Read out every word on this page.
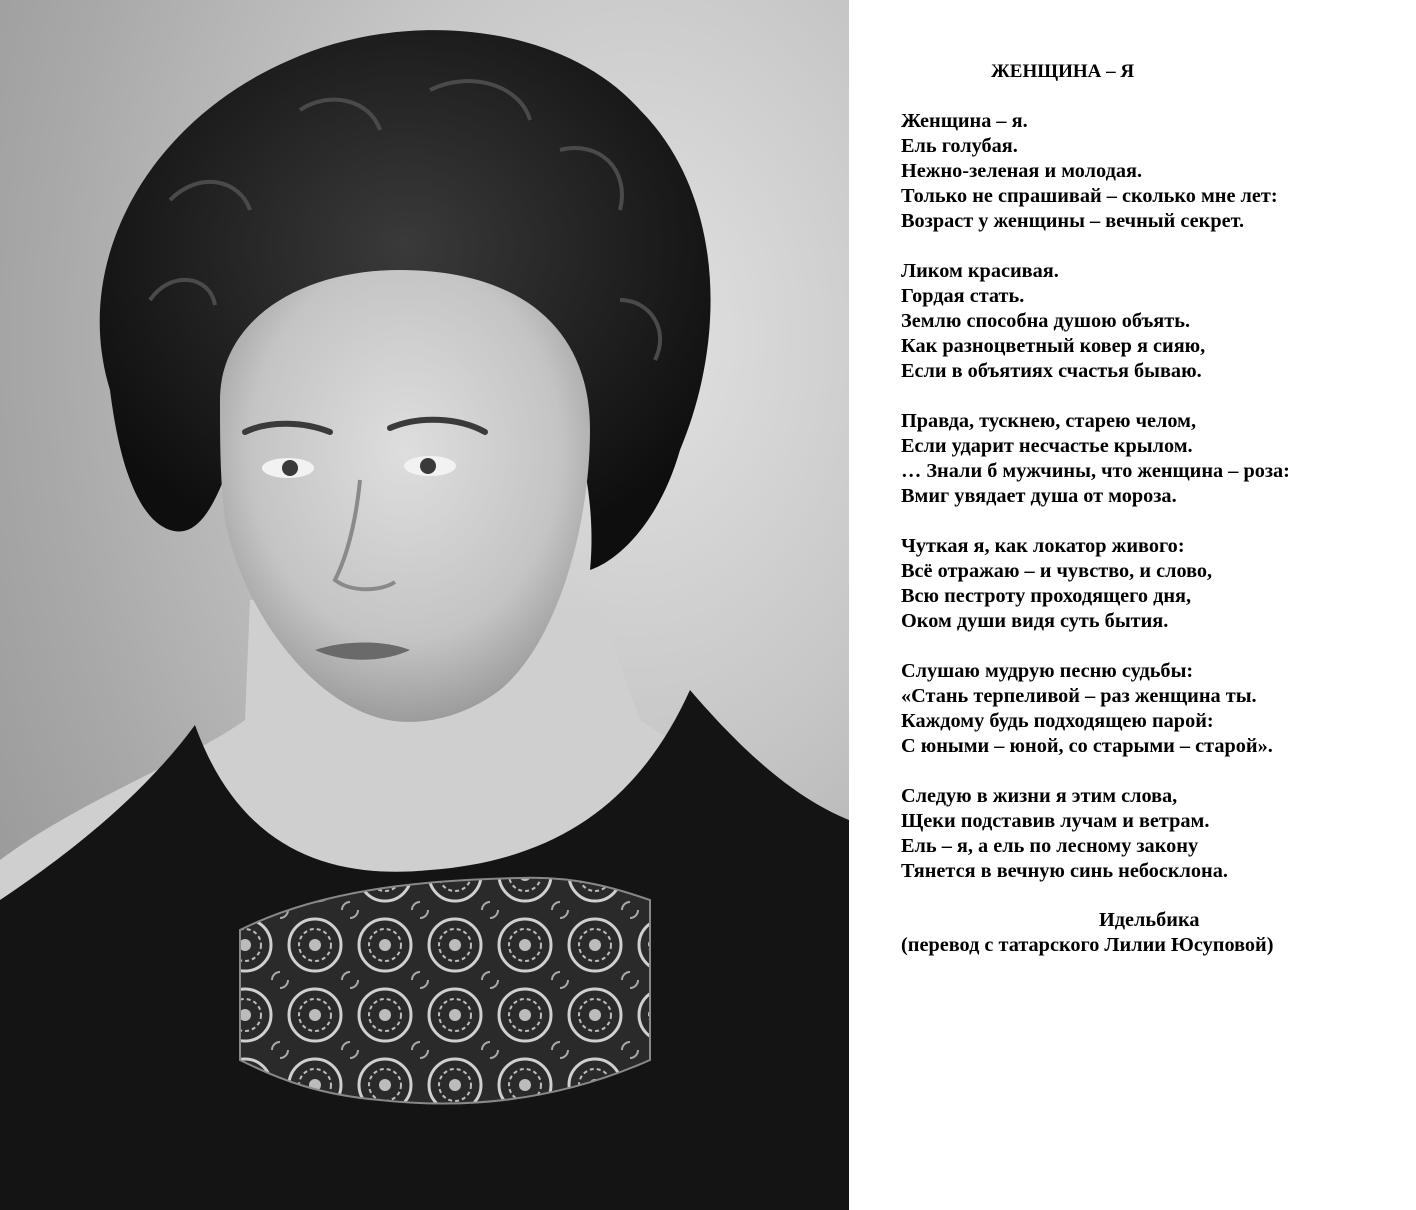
ЖЕНЩИНА – Я
Женщина – я.
Ель голубая.
Нежно-зеленая и молодая.
Только не спрашивай – сколько мне лет:
Возраст у женщины – вечный секрет.
Ликом красивая.
Гордая стать.
Землю способна душою объять.
Как разноцветный ковер я сияю,
Если в объятиях счастья бываю.
Правда, тускнею, старею челом,
Если ударит несчастье крылом.
… Знали б мужчины, что женщина – роза:
Вмиг увядает душа от мороза.
Чуткая я, как локатор живого:
Всё отражаю – и чувство, и слово,
Всю пестроту проходящего дня,
Оком души видя суть бытия.
Слушаю мудрую песню судьбы:
«Стань терпеливой – раз женщина ты.
Каждому будь подходящею парой:
С юными – юной, со старыми – старой».
Следую в жизни я этим слова,
Щеки подставив лучам и ветрам.
Ель – я, а ель по лесному закону
Тянется в вечную синь небосклона.
Идельбика
(перевод с татарского Лилии Юсуповой)
